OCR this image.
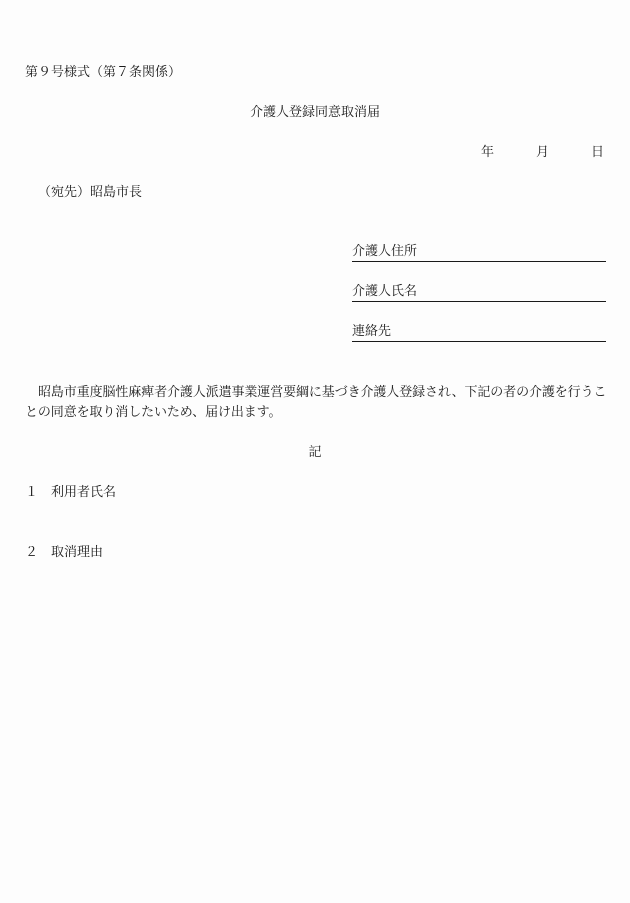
第９号様式（第７条関係）
介護人登録同意取消届
年	月	日
（宛先）昭島市長
介護人住所
介護人氏名
連絡先
昭島市重度脳性麻痺者介護人派遣事業運営要綱に基づき介護人登録され、下記の者の介護を行うことの同意を取り消したいため、届け出ます。
記
１ 利用者氏名
２ 取消理由
